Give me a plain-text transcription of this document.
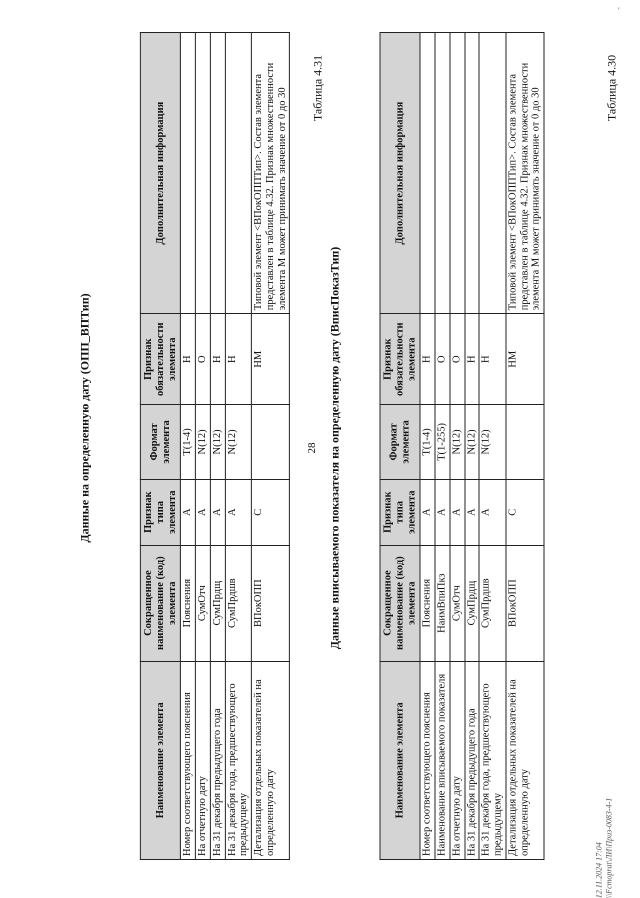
'
28
Таблица 4.30
Данные на определенную дату (ОПП_ВПТип)
Наименование элемента	Сокращенное наименование (код) элемента	Признак типа элемента	Формат элемента	Признак обязательности элемента	Дополнительная информация
Номер соответствующего пояснения	Пояснения	А	T(1-4)	Н	
На отчетную дату	СумОтч	А	N(12)	О	
На 31 декабря предыдущего года	СумПрдщ	А	N(12)	Н	
На 31 декабря года, предшествующего предыдущему	СумПрдшв	А	N(12)	Н	
Детализация отдельных показателей на определенную дату	ВПокОПП	С		НМ	Типовой элемент <ВПокОППТип>. Состав элемента представлен в таблице 4.32. Признак множественности элемента М может принимать значение от 0 до 30 Таблица 4.31
Данные вписываемого показателя на определенную дату (ВписПоказТип)
Наименование элемента	Сокращенное наименование (код) элемента	Признак типа элемента	Формат элемента	Признак обязательности элемента	Дополнительная информация
Номер соответствующего пояснения	Пояснения	А	T(1-4)	Н	
Наименование вписываемого показателя	НаимВпиПкз	А	T(1-255)	О	
На отчетную дату	СумОтч	А	N(12)	О	
На 31 декабря предыдущего года	СумПрдщ	А	N(12)	Н	
На 31 декабря года, предшествующего предыдущему	СумПрдшв	А	N(12)	Н	
Детализация отдельных показателей на определенную дату	ВПокОПП	С		НМ	Типовой элемент <ВПокОППТип>. Состав элемента представлен в таблице 4.32. Признак множественности элемента М может принимать значение от 0 до 30
12.11.2024 17:04 \\Fcmoprat\ЛИ\Приз-0083-4-1
